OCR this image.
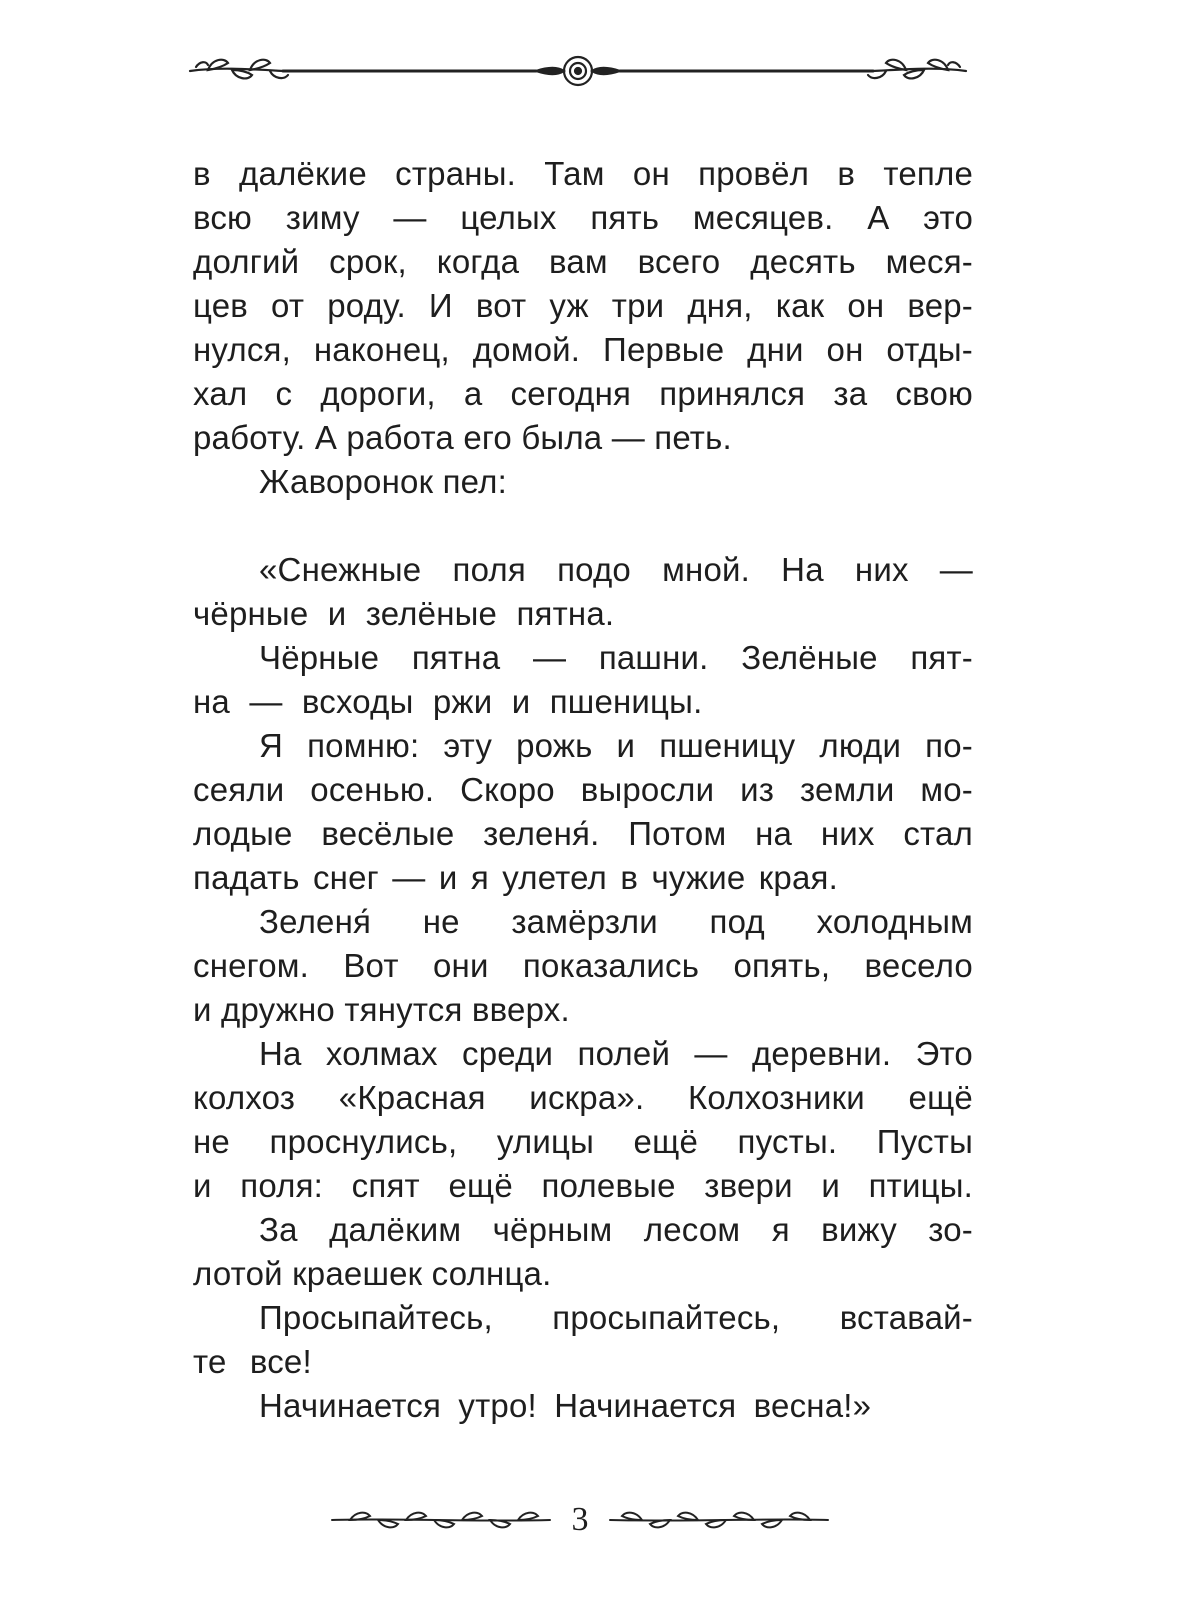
в далёкие страны. Там он провёл в тепле
всю зиму — целых пять месяцев. А это
долгий срок, когда вам всего десять меся-
цев от роду. И вот уж три дня, как он вер-
нулся, наконец, домой. Первые дни он отды-
хал с дороги, а сегодня принялся за свою
работу. А работа его была — петь.
Жаворонок пел:
«Снежные поля подо мной. На них —
чёрные и зелёные пятна.
Чёрные пятна — пашни. Зелёные пят-
на — всходы ржи и пшеницы.
Я помню: эту рожь и пшеницу люди по-
сеяли осенью. Скоро выросли из земли мо-
лодые весёлые зеленя́. Потом на них стал
падать снег — и я улетел в чужие края.
Зеленя́ не замёрзли под холодным
снегом. Вот они показались опять, весело
и дружно тянутся вверх.
На холмах среди полей — деревни. Это
колхоз «Красная искра». Колхозники ещё
не проснулись, улицы ещё пусты. Пусты
и поля: спят ещё полевые звери и птицы.
За далёким чёрным лесом я вижу зо-
лотой краешек солнца.
Просыпайтесь, просыпайтесь, вставай-
те все!
Начинается утро! Начинается весна!»
3
